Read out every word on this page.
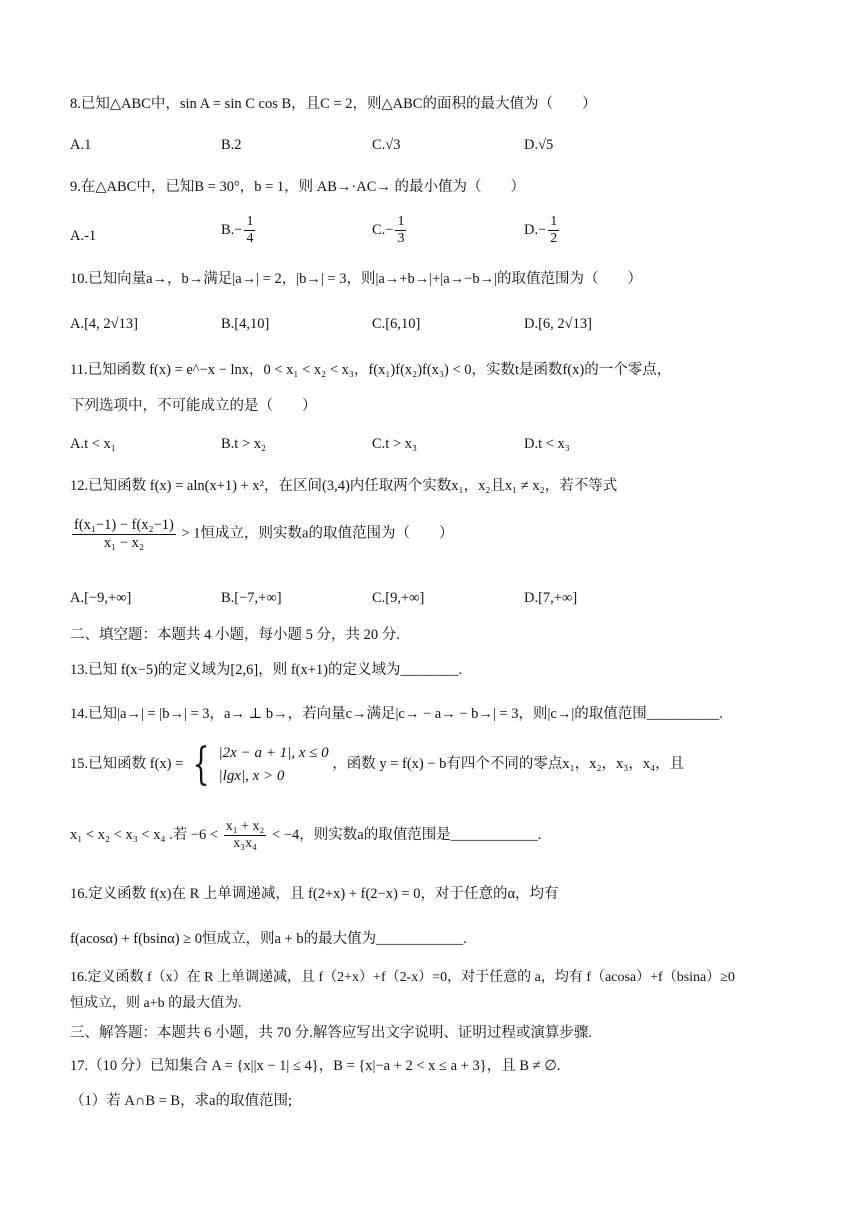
8.已知△ABC中，sin A = sin C cos B，且C = 2，则△ABC的面积的最大值为（　　）
A.1	B.2	C.√3	D.√5
9.在△ABC中，已知B = 30°，b = 1，则 AB→·AC→ 的最小值为（　　）
A.-1	$B.- \frac{1}{4}$	$C.- \frac{1}{3}$	$D.- \frac{1}{2}$
10.已知向量a→，b→满足|a→| = 2，|b→| = 3，则|a→+b→|+|a→−b→|的取值范围为（　　）
A.[4, 2√13]	B.[4,10]	C.[6,10]	D.[6, 2√13]
11.已知函数 f(x) = e^−x − lnx，0 < x₁ < x₂ < x₃，f(x₁)f(x₂)f(x₃) < 0，实数t是函数f(x)的一个零点，
下列选项中，不可能成立的是（　　）
A.t < x₁	B.t > x₂	C.t > x₃	D.t < x₃
12.已知函数 f(x) = aln(x+1) + x²，在区间(3,4)内任取两个实数x₁，x₂且x₁ ≠ x₂，若不等式
$\frac{\text{f(x₁−1) − f(x₂−1)}}{\text{x₁ − x₂}} > 1$恒成立，则实数a的取值范围为（　　）
A.[−9,+∞]	B.[−7,+∞]	C.[9,+∞]	D.[7,+∞]
二、填空题：本题共 4 小题，每小题 5 分，共 20 分.
13.已知 f(x−5)的定义域为[2,6]，则 f(x+1)的定义域为________.
14.已知|a→| = |b→| = 3，a→ ⊥ b→，若向量c→满足|c→ − a→ − b→| = 3，则|c→|的取值范围__________.
15.已知函数 f(x) = { |2x − a + 1|, x ≤ 0
|lgx|, x > 0
，函数 y = f(x) − b有四个不同的零点x₁，x₂，x₃，x₄，且
x₁ < x₂ < x₃ < x₄ .若 $-6 < \frac{\text{x₁ + x₂}}{\text{x₃x₄}} < -4$，则实数a的取值范围是____________.
16.定义函数 f(x)在 R 上单调递减，且 f(2+x) + f(2−x) = 0，对于任意的α，均有
f(acosα) + f(bsinα) ≥ 0恒成立，则a + b的最大值为____________.
16.定义函数 f（x）在 R 上单调递减，且 f（2+x）+f（2-x）=0，对于任意的 a，均有 f（acosa）+f（bsina）≥0
恒成立，则 a+b 的最大值为.
三、解答题：本题共 6 小题，共 70 分.解答应写出文字说明、证明过程或演算步骤.
17.（10 分）已知集合 A = {x||x − 1| ≤ 4}，B = {x|−a + 2 < x ≤ a + 3}，且 B ≠ ∅.
（1）若 A∩B = B，求a的取值范围;
